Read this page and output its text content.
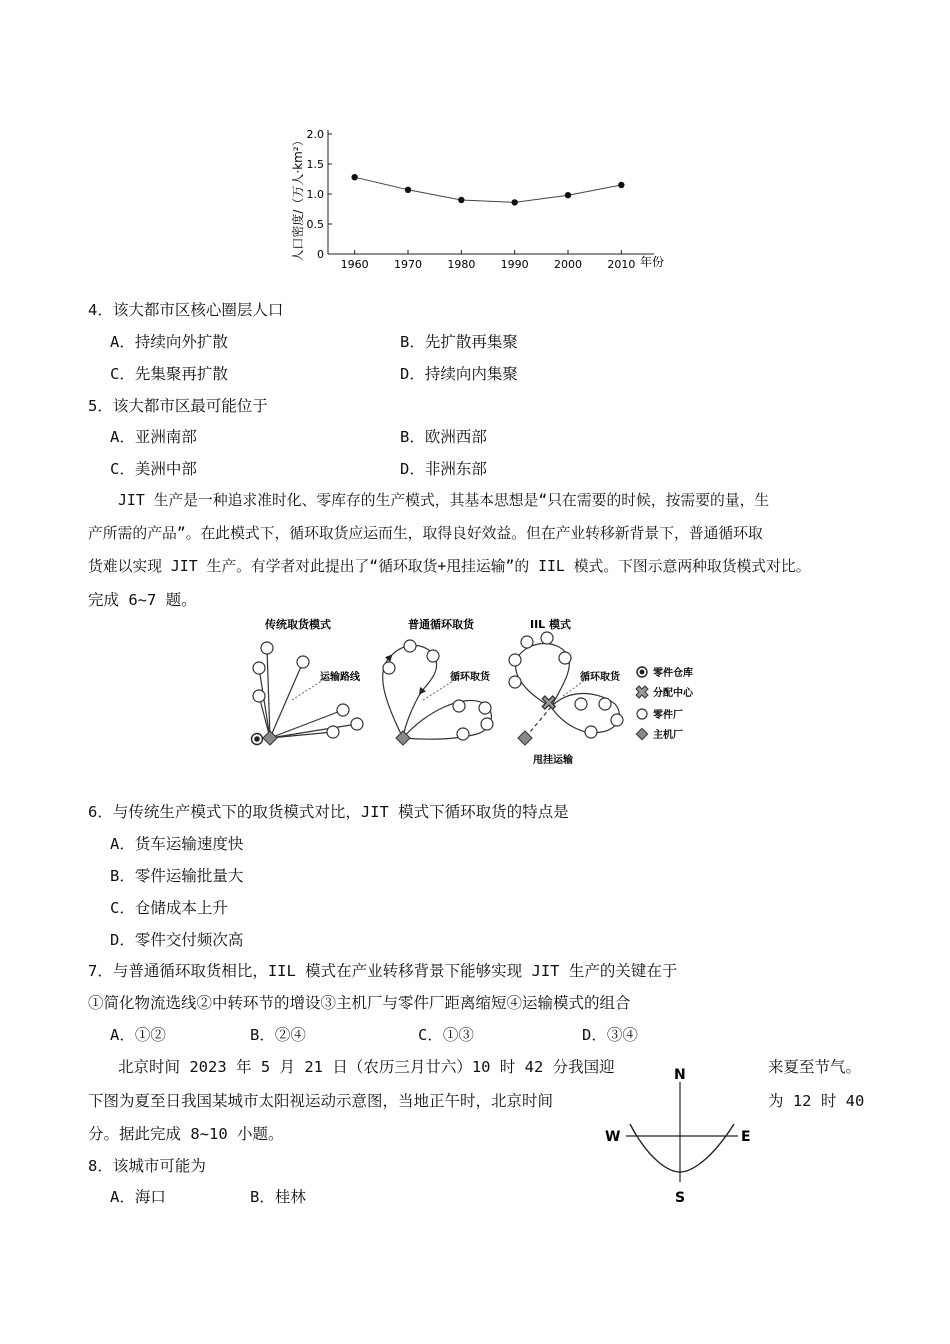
0
0.5
1.0
1.5
2.0
1960 1970 1980 1990 2000 2010
人口密度/（万人·km²）
年份
4．该大都市区核心圈层人口
A．持续向外扩散	B．先扩散再集聚
C．先集聚再扩散	D．持续向内集聚
5．该大都市区最可能位于
A．亚洲南部	B．欧洲西部
C．美洲中部	D．非洲东部
JIT 生产是一种追求准时化、零库存的生产模式，其基本思想是“只在需要的时候，按需要的量，生
产所需的产品”。在此模式下，循环取货应运而生，取得良好效益。但在产业转移新背景下，普通循环取
货难以实现 JIT 生产。有学者对此提出了“循环取货+甩挂运输”的 IIL 模式。下图示意两种取货模式对比。
完成 6~7 题。
传统取货模式
运输路线
普通循环取货
循环取货
IIL 模式
循环取货
甩挂运输
零件仓库
分配中心
零件厂
主机厂
6．与传统生产模式下的取货模式对比，JIT 模式下循环取货的特点是
A．货车运输速度快
B．零件运输批量大
C．仓储成本上升
D．零件交付频次高
7．与普通循环取货相比，IIL 模式在产业转移背景下能够实现 JIT 生产的关键在于
①简化物流选线②中转环节的增设③主机厂与零件厂距离缩短④运输模式的组合
A．①②	B．②④	C．①③	D．③④
北京时间 2023 年 5 月 21 日（农历三月廿六）10 时 42 分我国迎	来夏至节气。
下图为夏至日我国某城市太阳视运动示意图，当地正午时，北京时间	为 12 时 40
分。据此完成 8~10 小题。
N
S
W	E
8．该城市可能为
A．海口	B．桂林
